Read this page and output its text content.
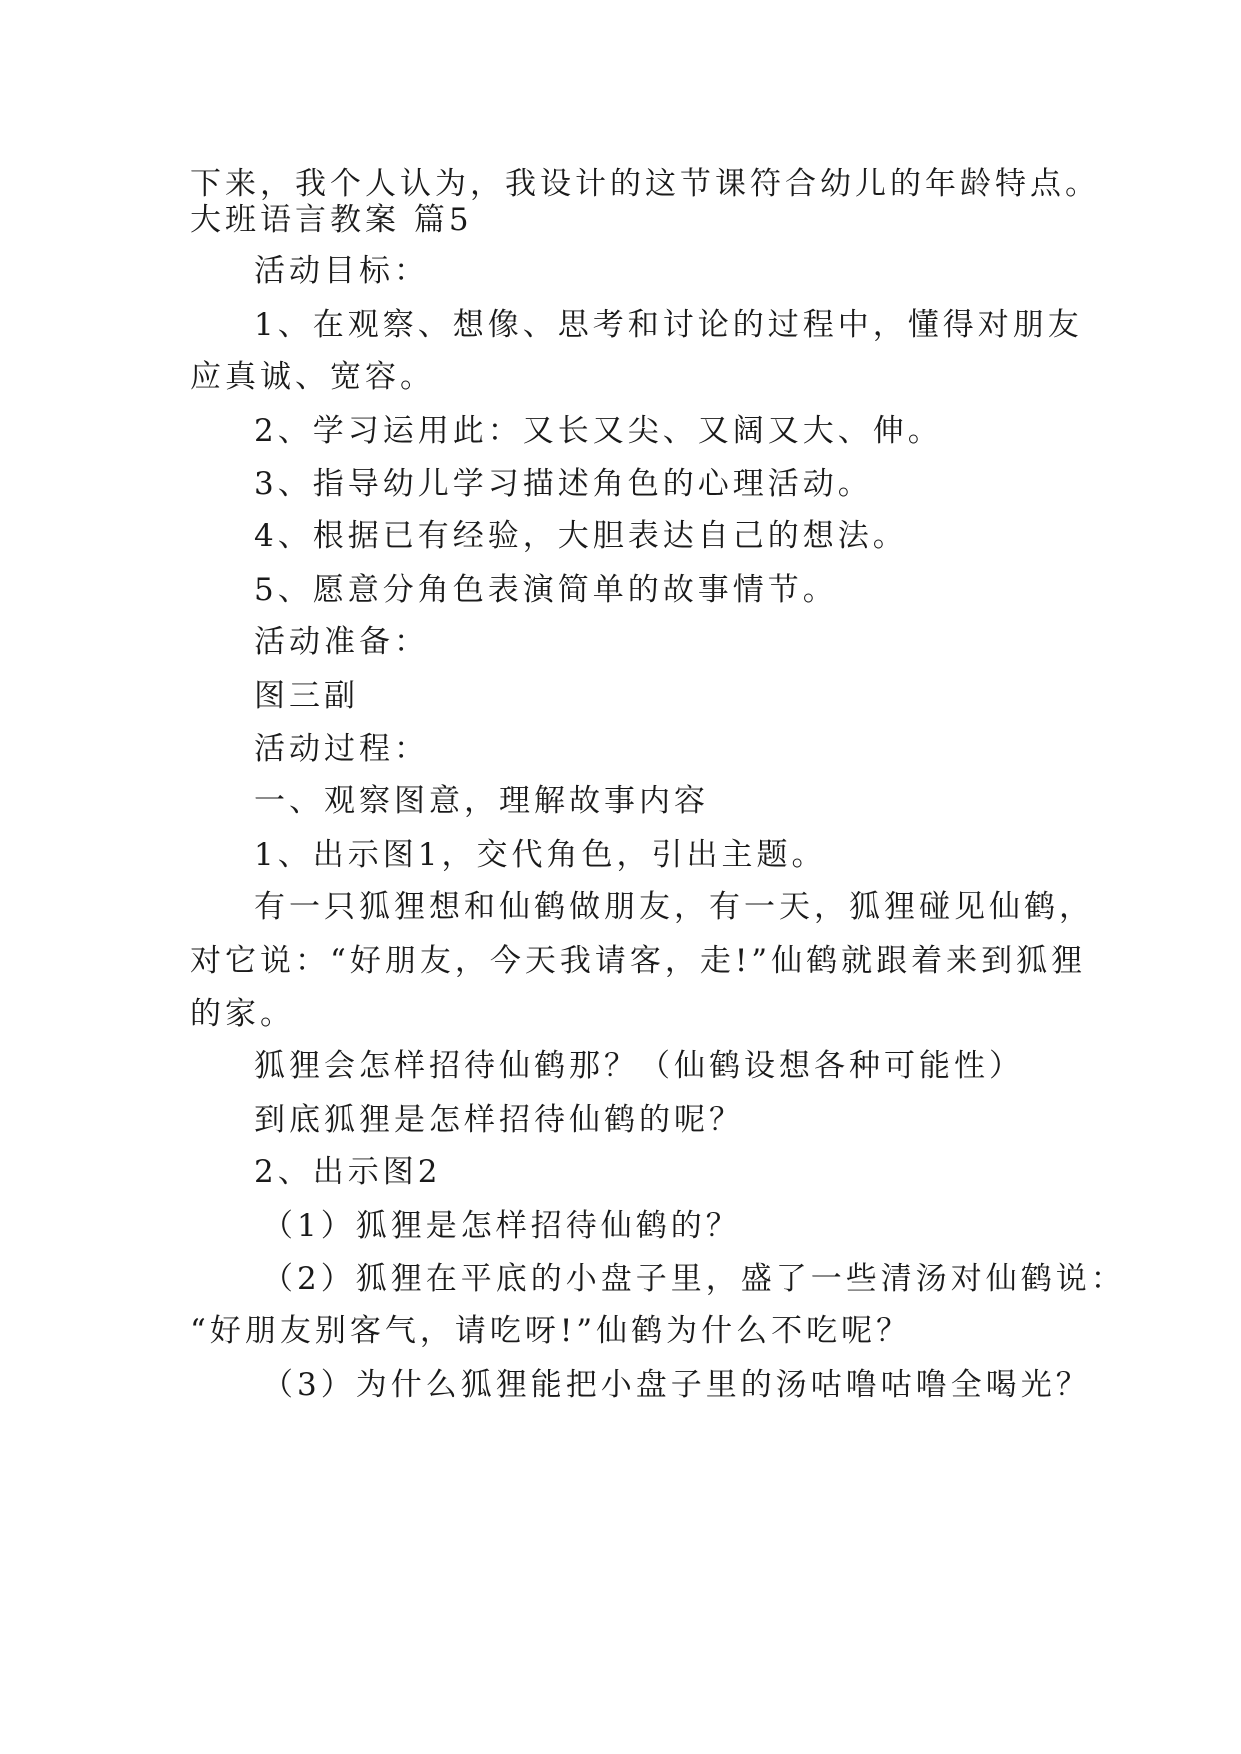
下来，我个人认为，我设计的这节课符合幼儿的年龄特点。
大班语言教案 篇5
活动目标：
1、在观察、想像、思考和讨论的过程中，懂得对朋友
应真诚、宽容。
2、学习运用此：又长又尖、又阔又大、伸。
3、指导幼儿学习描述角色的心理活动。
4、根据已有经验，大胆表达自己的想法。
5、愿意分角色表演简单的故事情节。
活动准备：
图三副
活动过程：
一、观察图意，理解故事内容
1、出示图1，交代角色，引出主题。
有一只狐狸想和仙鹤做朋友，有一天，狐狸碰见仙鹤，
对它说：“好朋友，今天我请客，走!”仙鹤就跟着来到狐狸
的家。
狐狸会怎样招待仙鹤那？（仙鹤设想各种可能性）
到底狐狸是怎样招待仙鹤的呢？
2、出示图2
（1）狐狸是怎样招待仙鹤的？
（2）狐狸在平底的小盘子里，盛了一些清汤对仙鹤说：
“好朋友别客气，请吃呀!”仙鹤为什么不吃呢？
（3）为什么狐狸能把小盘子里的汤咕噜咕噜全喝光？
